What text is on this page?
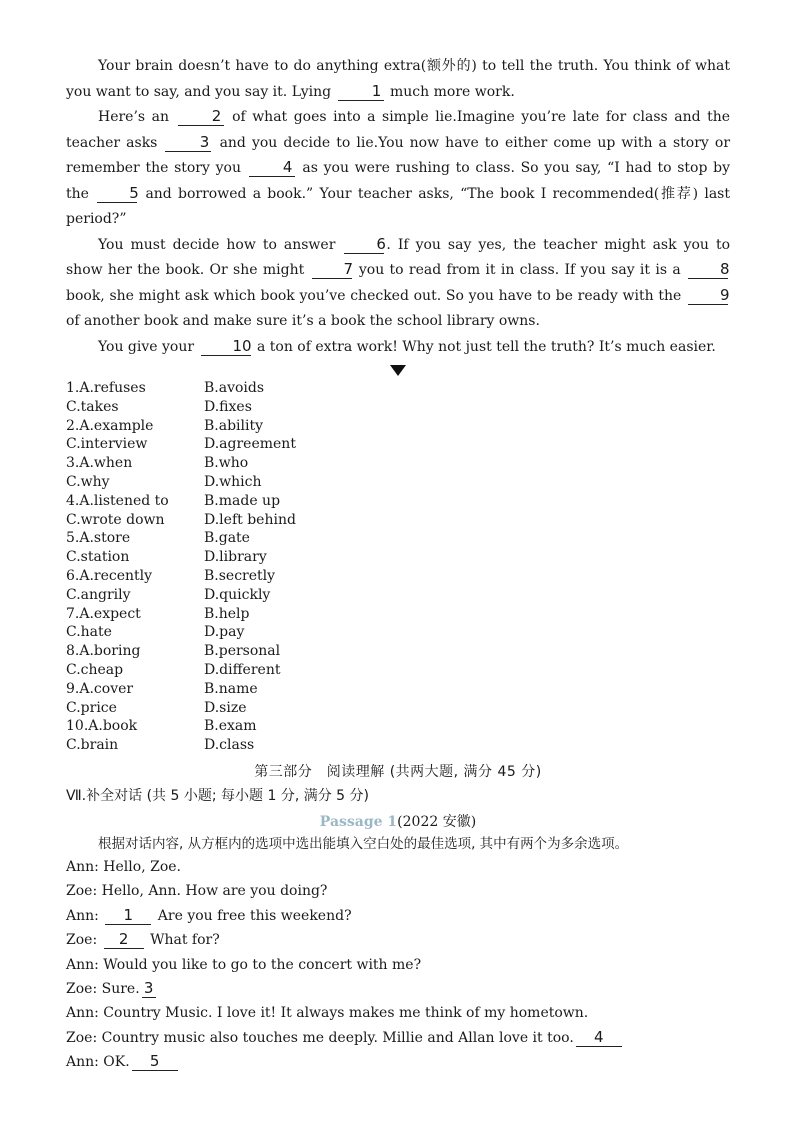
Your brain doesn’t have to do anything extra(额外的) to tell the truth. You think of what you want to say, and you say it. Lying	1 much more work.

Here’s an	2 of what goes into a simple lie.Imagine you’re late for class and the teacher asks	3 and you decide to lie.You now have to either come up with a story or remember the story you	4 as you were rushing to class. So you say, “I had to stop by the	5 and borrowed a book.” Your teacher asks, “The book I recommended(推荐) last period?”

You must decide how to answer	6. If you say yes, the teacher might ask you to show her the book. Or she might	7 you to read from it in class. If you say it is a	8 book, she might ask which book you’ve checked out. So you have to be ready with the	9 of another book and make sure it’s a book the school library owns.

You give your	10 a ton of extra work! Why not just tell the truth? It’s much easier.

1.A.refuses	B.avoids
C.takes	D.fixes
2.A.example	B.ability
C.interview	D.agreement
3.A.when	B.who
C.why	D.which
4.A.listened to	B.made up
C.wrote down	D.left behind
5.A.store	B.gate
C.station	D.library
6.A.recently	B.secretly
C.angrily	D.quickly
7.A.expect	B.help
C.hate	D.pay
8.A.boring	B.personal
C.cheap	D.different
9.A.cover	B.name
C.price	D.size
10.A.book	B.exam
C.brain	D.class
第三部分　阅读理解 (共两大题, 满分 45 分)
Ⅶ.补全对话 (共 5 小题; 每小题 1 分, 满分 5 分)
Passage 1(2022 安徽)
根据对话内容, 从方框内的选项中选出能填入空白处的最佳选项, 其中有两个为多余选项。
Ann: Hello, Zoe.
Zoe: Hello, Ann. How are you doing?
Ann: 1 Are you free this weekend?
Zoe: 2 What for?
Ann: Would you like to go to the concert with me?
Zoe: Sure. 3
Ann: Country Music. I love it! It always makes me think of my hometown.
Zoe: Country music also touches me deeply. Millie and Allan love it too. 4
Ann: OK. 5
